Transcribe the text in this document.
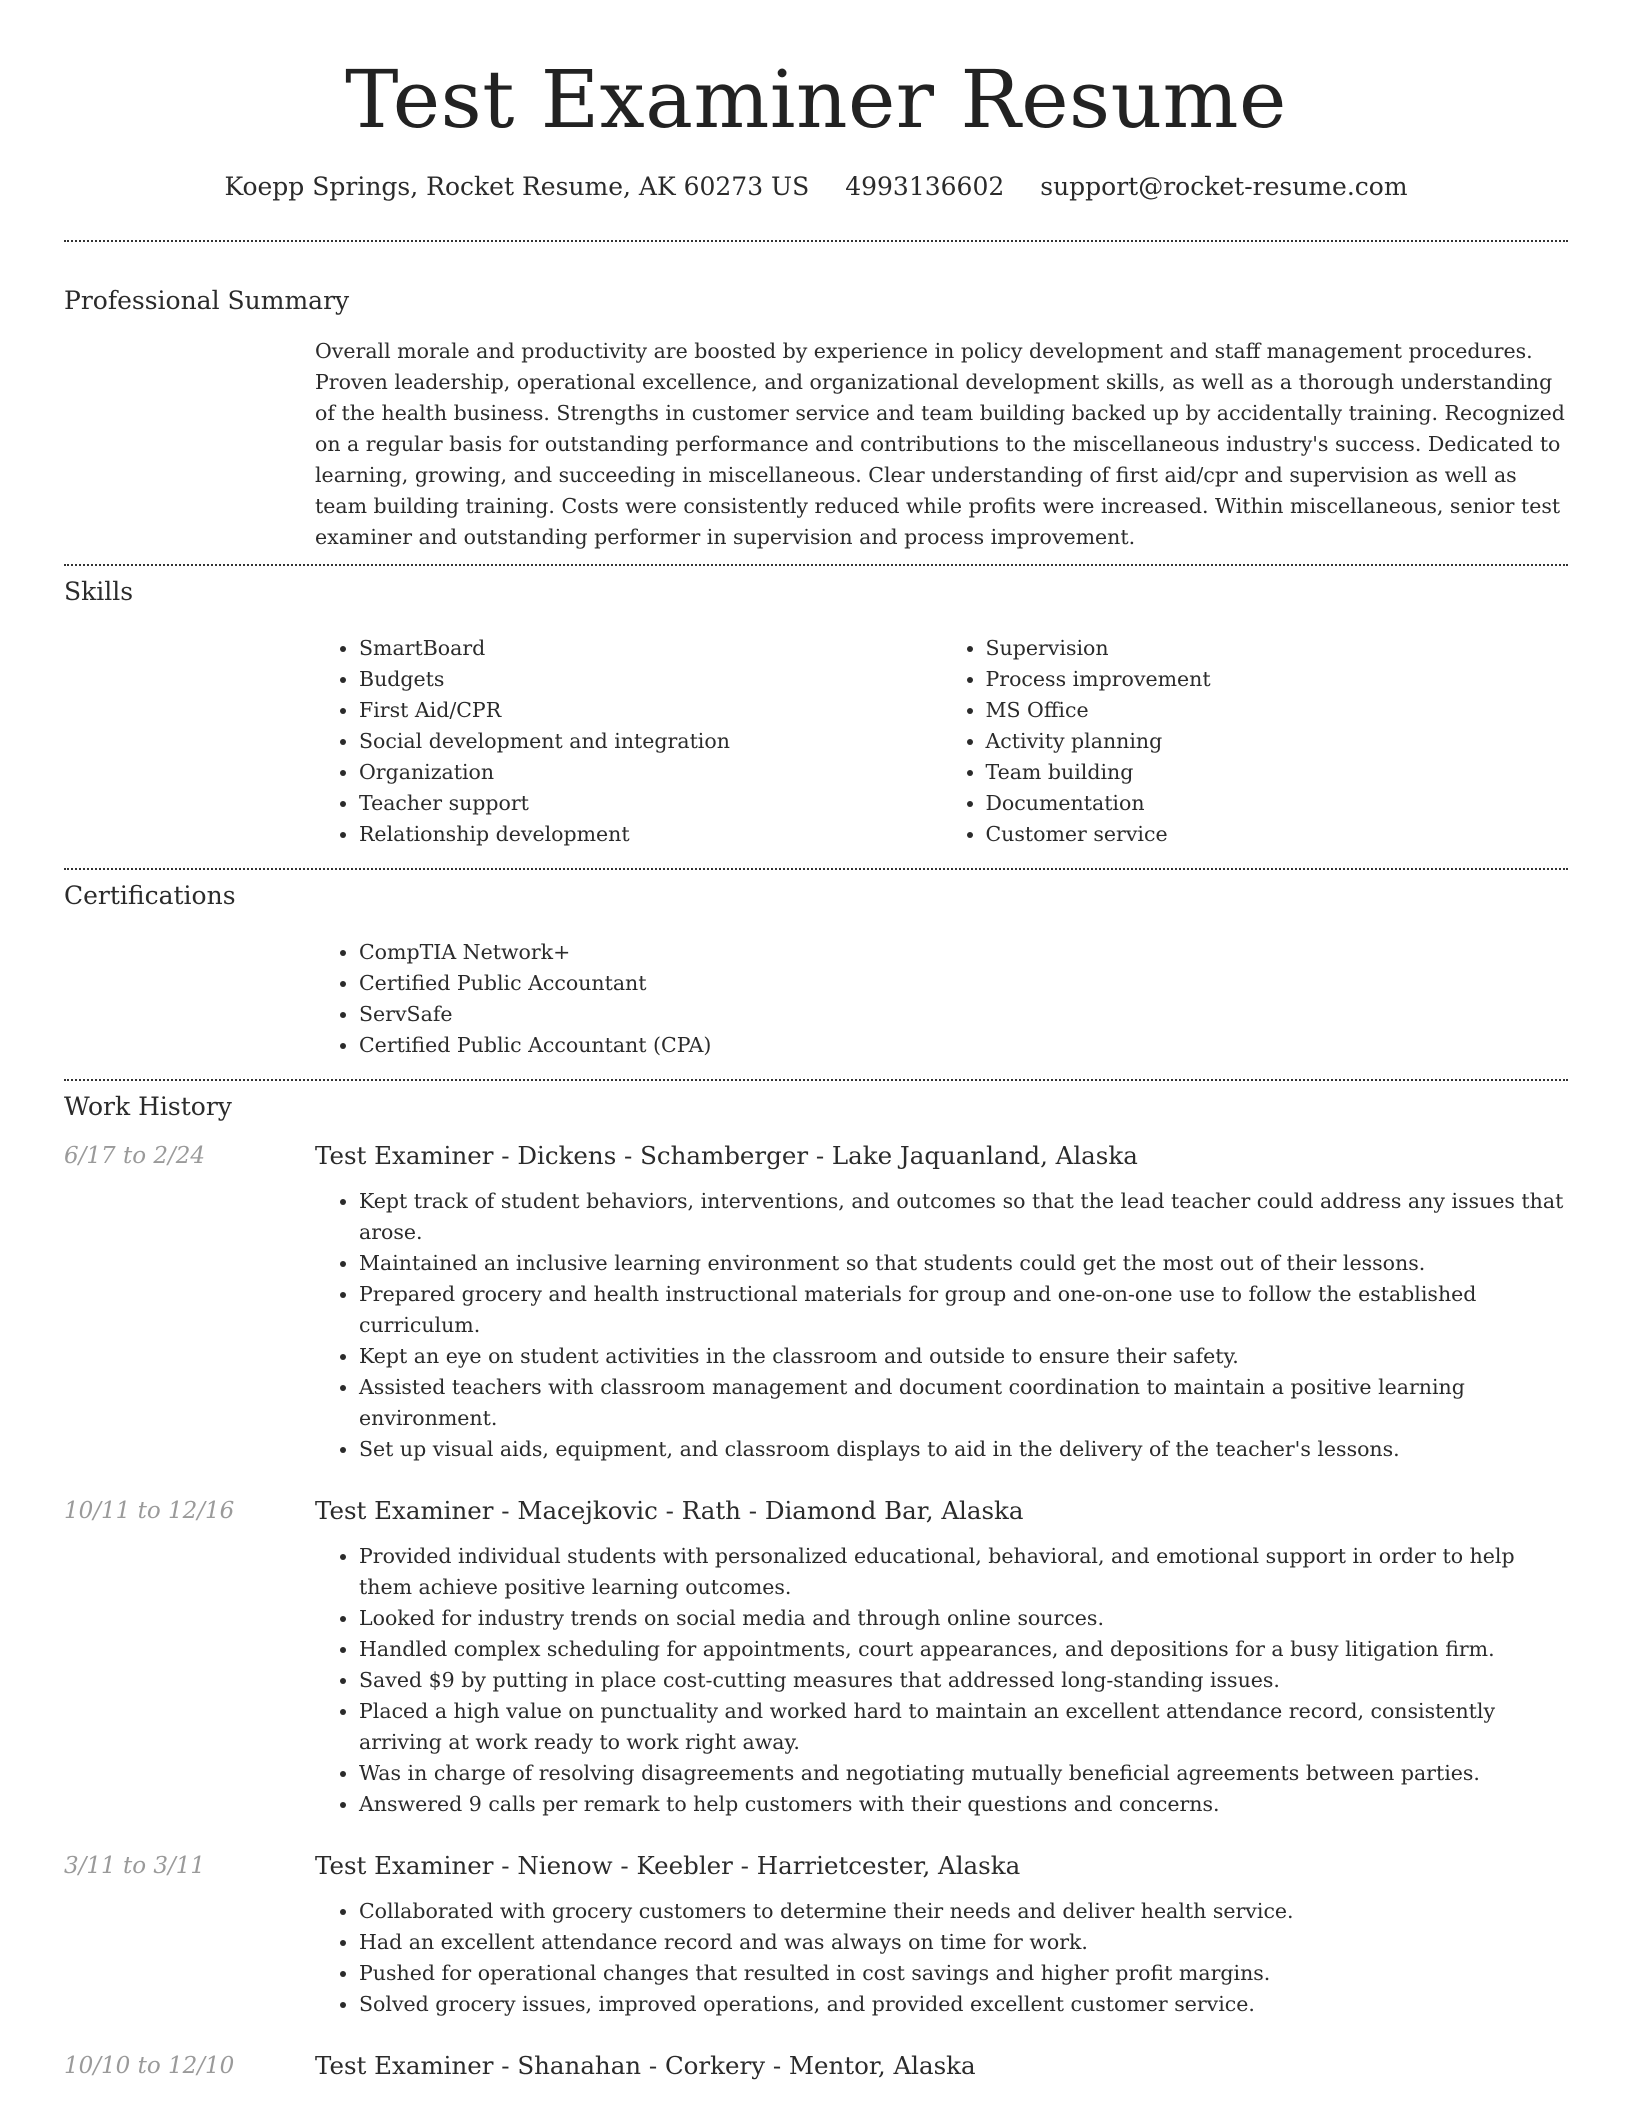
Test Examiner Resume
Koepp Springs, Rocket Resume, AK 60273 US 4993136602 support@rocket-resume.com
Professional Summary
Overall morale and productivity are boosted by experience in policy development and staff management procedures. Proven leadership, operational excellence, and organizational development skills, as well as a thorough understanding of the health business. Strengths in customer service and team building backed up by accidentally training. Recognized on a regular basis for outstanding performance and contributions to the miscellaneous industry's success. Dedicated to learning, growing, and succeeding in miscellaneous. Clear understanding of first aid/cpr and supervision as well as team building training. Costs were consistently reduced while profits were increased. Within miscellaneous, senior test examiner and outstanding performer in supervision and process improvement.
Skills
• SmartBoard
• Budgets
• First Aid/CPR
• Social development and integration
• Organization
• Teacher support
• Relationship development
• Supervision
• Process improvement
• MS Office
• Activity planning
• Team building
• Documentation
• Customer service
Certifications
• CompTIA Network+
• Certified Public Accountant
• ServSafe
• Certified Public Accountant (CPA)
Work History
6/17 to 2/24	Test Examiner - Dickens - Schamberger - Lake Jaquanland, Alaska
• Kept track of student behaviors, interventions, and outcomes so that the lead teacher could address any issues that arose.
• Maintained an inclusive learning environment so that students could get the most out of their lessons.
• Prepared grocery and health instructional materials for group and one-on-one use to follow the established curriculum.
• Kept an eye on student activities in the classroom and outside to ensure their safety.
• Assisted teachers with classroom management and document coordination to maintain a positive learning environment.
• Set up visual aids, equipment, and classroom displays to aid in the delivery of the teacher's lessons.
10/11 to 12/16	Test Examiner - Macejkovic - Rath - Diamond Bar, Alaska
• Provided individual students with personalized educational, behavioral, and emotional support in order to help them achieve positive learning outcomes.
• Looked for industry trends on social media and through online sources.
• Handled complex scheduling for appointments, court appearances, and depositions for a busy litigation firm.
• Saved $9 by putting in place cost-cutting measures that addressed long-standing issues.
• Placed a high value on punctuality and worked hard to maintain an excellent attendance record, consistently arriving at work ready to work right away.
• Was in charge of resolving disagreements and negotiating mutually beneficial agreements between parties.
• Answered 9 calls per remark to help customers with their questions and concerns.
3/11 to 3/11	Test Examiner - Nienow - Keebler - Harrietcester, Alaska
• Collaborated with grocery customers to determine their needs and deliver health service.
• Had an excellent attendance record and was always on time for work.
• Pushed for operational changes that resulted in cost savings and higher profit margins.
• Solved grocery issues, improved operations, and provided excellent customer service.
10/10 to 12/10	Test Examiner - Shanahan - Corkery - Mentor, Alaska
